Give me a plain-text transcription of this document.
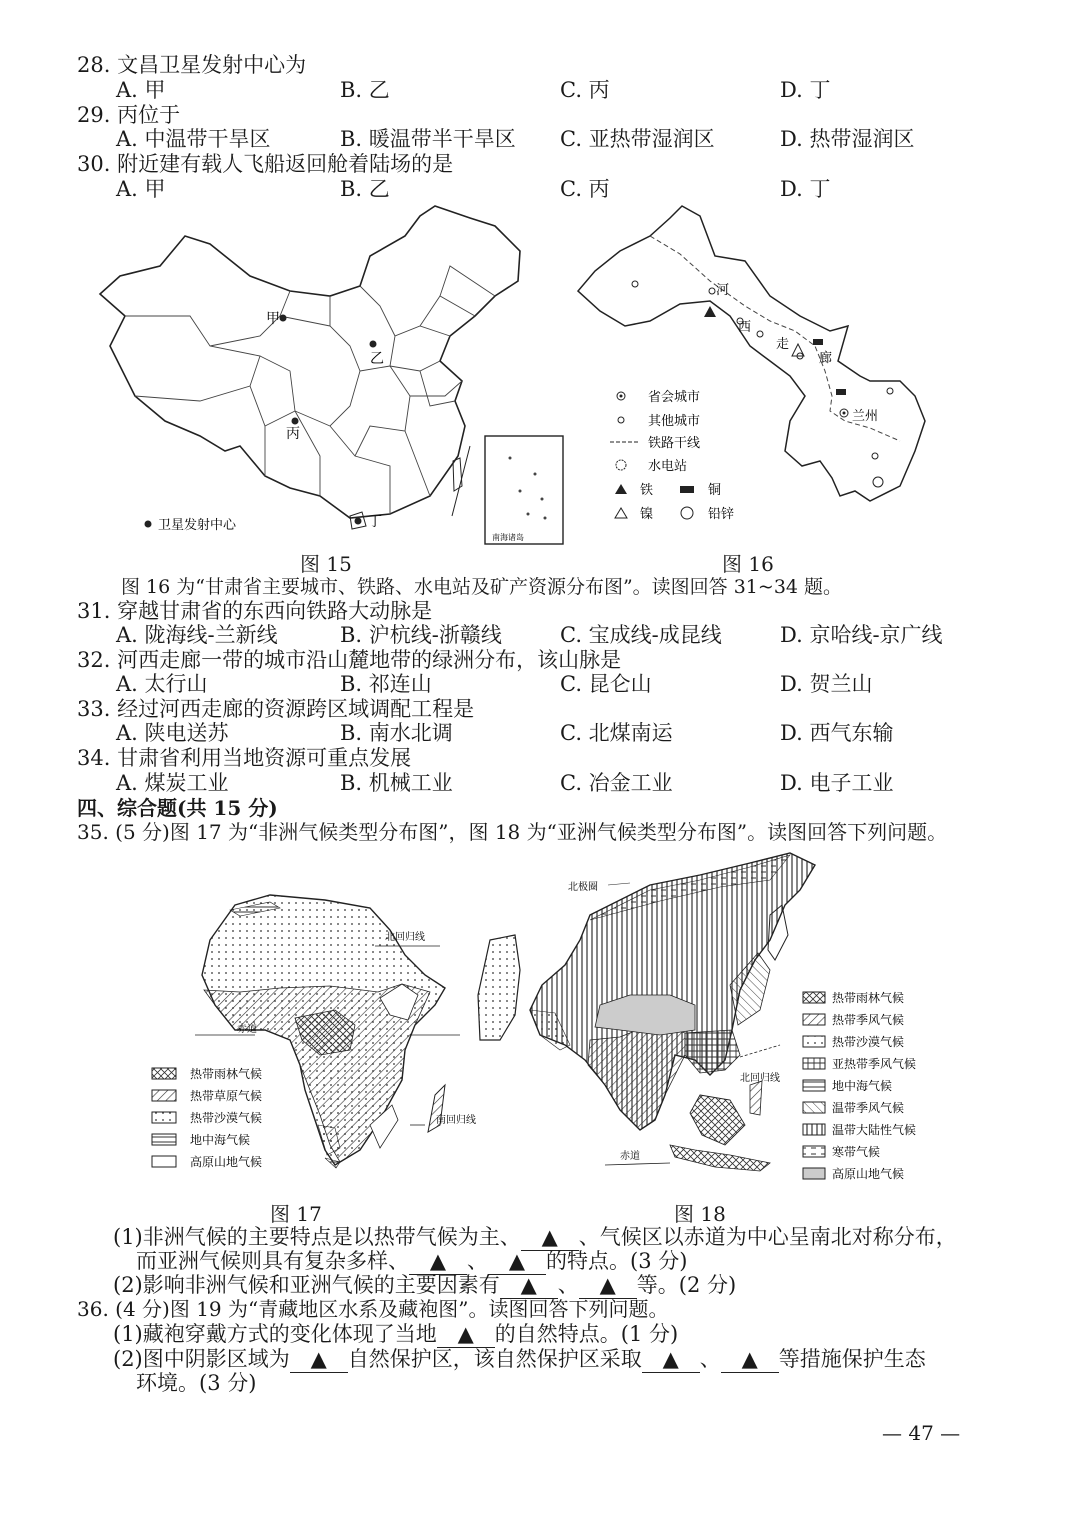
28. 文昌卫星发射中心为
A. 甲	B. 乙	C. 丙	D. 丁
29. 丙位于
A. 中温带干旱区	B. 暖温带半干旱区 C. 亚热带湿润区	D. 热带湿润区
30. 附近建有载人飞船返回舱着陆场的是
A. 甲	B. 乙	C. 丙	D. 丁
甲
乙
丙
丁
南海诸岛
卫星发射中心
河
西
走
廊
兰州
省会城市
其他城市
铁路干线
水电站
铁	铜
镍	铅锌
图 15	图 16
图 16 为“甘肃省主要城市、铁路、水电站及矿产资源分布图”。读图回答 31~34 题。
31. 穿越甘肃省的东西向铁路大动脉是
A. 陇海线-兰新线	B. 沪杭线-浙赣线	C. 宝成线-成昆线	D. 京哈线-京广线
32. 河西走廊一带的城市沿山麓地带的绿洲分布，该山脉是
A. 太行山	B. 祁连山	C. 昆仑山	D. 贺兰山
33. 经过河西走廊的资源跨区域调配工程是
A. 陕电送苏	B. 南水北调	C. 北煤南运	D. 西气东输
34. 甘肃省利用当地资源可重点发展
A. 煤炭工业	B. 机械工业	C. 冶金工业	D. 电子工业
四、综合题(共 15 分)
35. (5 分)图 17 为“非洲气候类型分布图”，图 18 为“亚洲气候类型分布图”。读图回答下列问题。
北回归线
赤道
南回归线
热带雨林气候
热带草原气候
热带沙漠气候
地中海气候
高原山地气候
北极圈
北回归线
赤道
热带雨林气候
热带季风气候
热带沙漠气候
亚热带季风气候
地中海气候
温带季风气候
温带大陆性气候
寒带气候
高原山地气候
图 17	图 18
(1)非洲气候的主要特点是以热带气候为主、 ▲ 、气候区以赤道为中心呈南北对称分布，
而亚洲气候则具有复杂多样、 ▲ 、 ▲ 的特点。(3 分)
(2)影响非洲气候和亚洲气候的主要因素有 ▲ 、 ▲ 等。(2 分)
36. (4 分)图 19 为“青藏地区水系及藏袍图”。读图回答下列问题。
(1)藏袍穿戴方式的变化体现了当地 ▲ 的自然特点。(1 分)
(2)图中阴影区域为 ▲ 自然保护区，该自然保护区采取 ▲ 、 ▲ 等措施保护生态
环境。(3 分)
— 47 —
